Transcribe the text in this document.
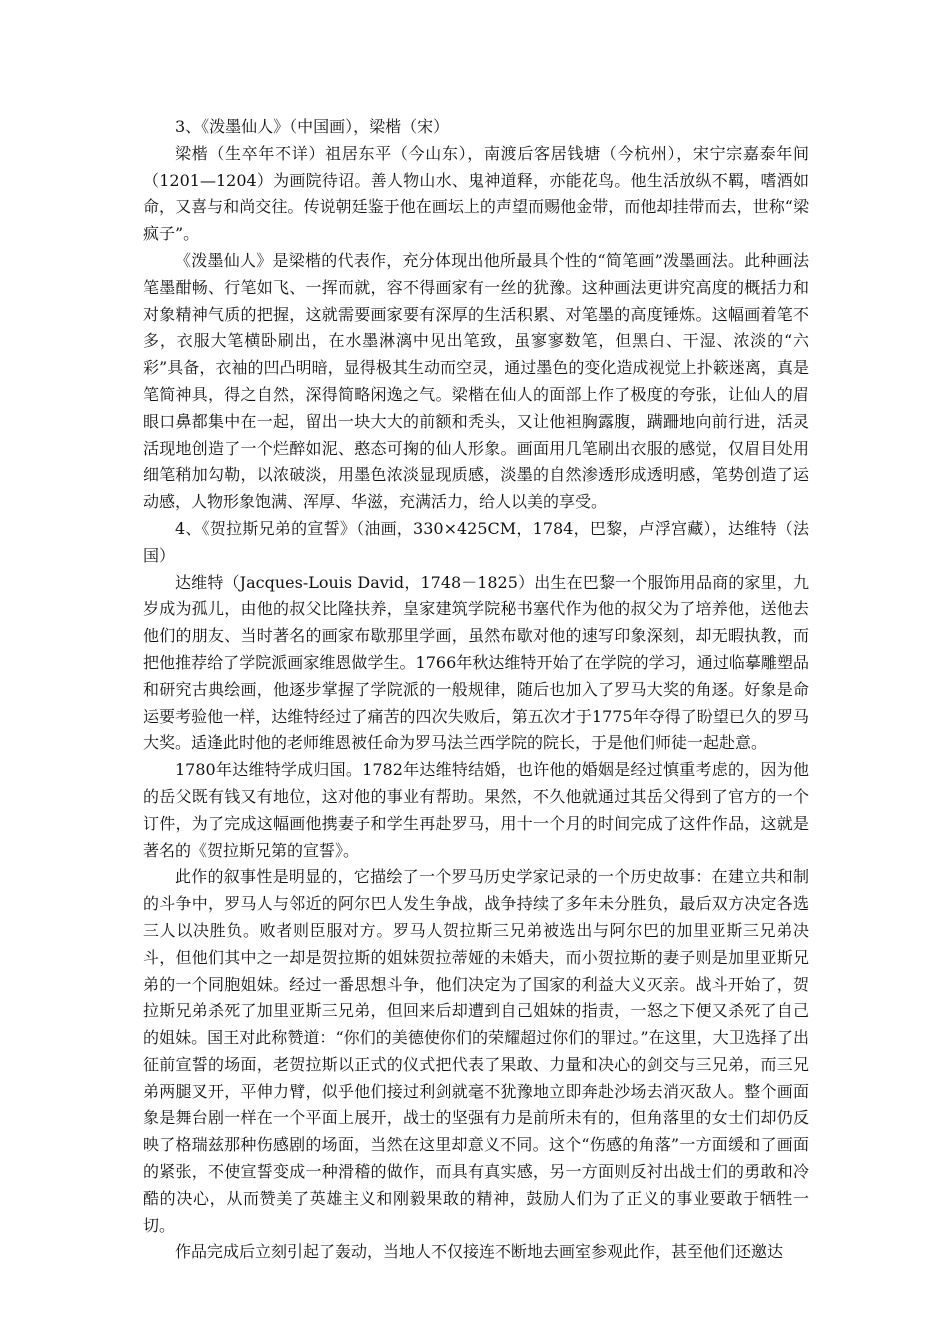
3、《泼墨仙人》（中国画），梁楷（宋）

梁楷（生卒年不详）祖居东平（今山东），南渡后客居钱塘（今杭州），宋宁宗嘉泰年间（1201—1204）为画院待诏。善人物山水、鬼神道释，亦能花鸟。他生活放纵不羁，嗜酒如命，又喜与和尚交往。传说朝廷鉴于他在画坛上的声望而赐他金带，而他却挂带而去，世称“梁疯子”。

《泼墨仙人》是梁楷的代表作，充分体现出他所最具个性的“简笔画”泼墨画法。此种画法笔墨酣畅、行笔如飞、一挥而就，容不得画家有一丝的犹豫。这种画法更讲究高度的概括力和对象精神气质的把握，这就需要画家要有深厚的生活积累、对笔墨的高度锤炼。这幅画着笔不多，衣服大笔横卧刷出，在水墨淋漓中见出笔致，虽寥寥数笔，但黑白、干湿、浓淡的“六彩”具备，衣袖的凹凸明暗，显得极其生动而空灵，通过墨色的变化造成视觉上扑簌迷离，真是笔简神具，得之自然，深得简略闲逸之气。梁楷在仙人的面部上作了极度的夸张，让仙人的眉眼口鼻都集中在一起，留出一块大大的前额和秃头，又让他袒胸露腹，蹒跚地向前行进，活灵活现地创造了一个烂醉如泥、憨态可掬的仙人形象。画面用几笔刷出衣服的感觉，仅眉目处用细笔稍加勾勒，以浓破淡，用墨色浓淡显现质感，淡墨的自然渗透形成透明感，笔势创造了运动感，人物形象饱满、浑厚、华滋，充满活力，给人以美的享受。

4、《贺拉斯兄弟的宣誓》（油画，330×425CM，1784，巴黎，卢浮宫藏），达维特（法国）

达维特（Jacques-Louis David，1748－1825）出生在巴黎一个服饰用品商的家里，九岁成为孤儿，由他的叔父比隆扶养，皇家建筑学院秘书塞代作为他的叔父为了培养他，送他去他们的朋友、当时著名的画家布歇那里学画，虽然布歇对他的速写印象深刻，却无暇执教，而把他推荐给了学院派画家维恩做学生。1766年秋达维特开始了在学院的学习，通过临摹雕塑品和研究古典绘画，他逐步掌握了学院派的一般规律，随后也加入了罗马大奖的角逐。好象是命运要考验他一样，达维特经过了痛苦的四次失败后，第五次才于1775年夺得了盼望已久的罗马大奖。适逢此时他的老师维恩被任命为罗马法兰西学院的院长，于是他们师徒一起赴意。

1780年达维特学成归国。1782年达维特结婚，也许他的婚姻是经过慎重考虑的，因为他的岳父既有钱又有地位，这对他的事业有帮助。果然，不久他就通过其岳父得到了官方的一个订件，为了完成这幅画他携妻子和学生再赴罗马，用十一个月的时间完成了这件作品，这就是著名的《贺拉斯兄第的宣誓》。

此作的叙事性是明显的，它描绘了一个罗马历史学家记录的一个历史故事：在建立共和制的斗争中，罗马人与邻近的阿尔巴人发生争战，战争持续了多年未分胜负，最后双方决定各选三人以决胜负。败者则臣服对方。罗马人贺拉斯三兄弟被选出与阿尔巴的加里亚斯三兄弟决斗，但他们其中之一却是贺拉斯的姐妹贺拉蒂娅的未婚夫，而小贺拉斯的妻子则是加里亚斯兄弟的一个同胞姐妹。经过一番思想斗争，他们决定为了国家的利益大义灭亲。战斗开始了，贺拉斯兄弟杀死了加里亚斯三兄弟，但回来后却遭到自己姐妹的指责，一怒之下便又杀死了自己的姐妹。国王对此称赞道：“你们的美德使你们的荣耀超过你们的罪过。”在这里，大卫选择了出征前宣誓的场面，老贺拉斯以正式的仪式把代表了果敢、力量和决心的剑交与三兄弟，而三兄弟两腿叉开，平伸力臂，似乎他们接过利剑就毫不犹豫地立即奔赴沙场去消灭敌人。整个画面象是舞台剧一样在一个平面上展开，战士的坚强有力是前所未有的，但角落里的女士们却仍反映了格瑞兹那种伤感剧的场面，当然在这里却意义不同。这个“伤感的角落”一方面缓和了画面的紧张，不使宣誓变成一种滑稽的做作，而具有真实感，另一方面则反衬出战士们的勇敢和冷酷的决心，从而赞美了英雄主义和刚毅果敢的精神，鼓励人们为了正义的事业要敢于牺牲一切。

作品完成后立刻引起了轰动，当地人不仅接连不断地去画室参观此作，甚至他们还邀达
